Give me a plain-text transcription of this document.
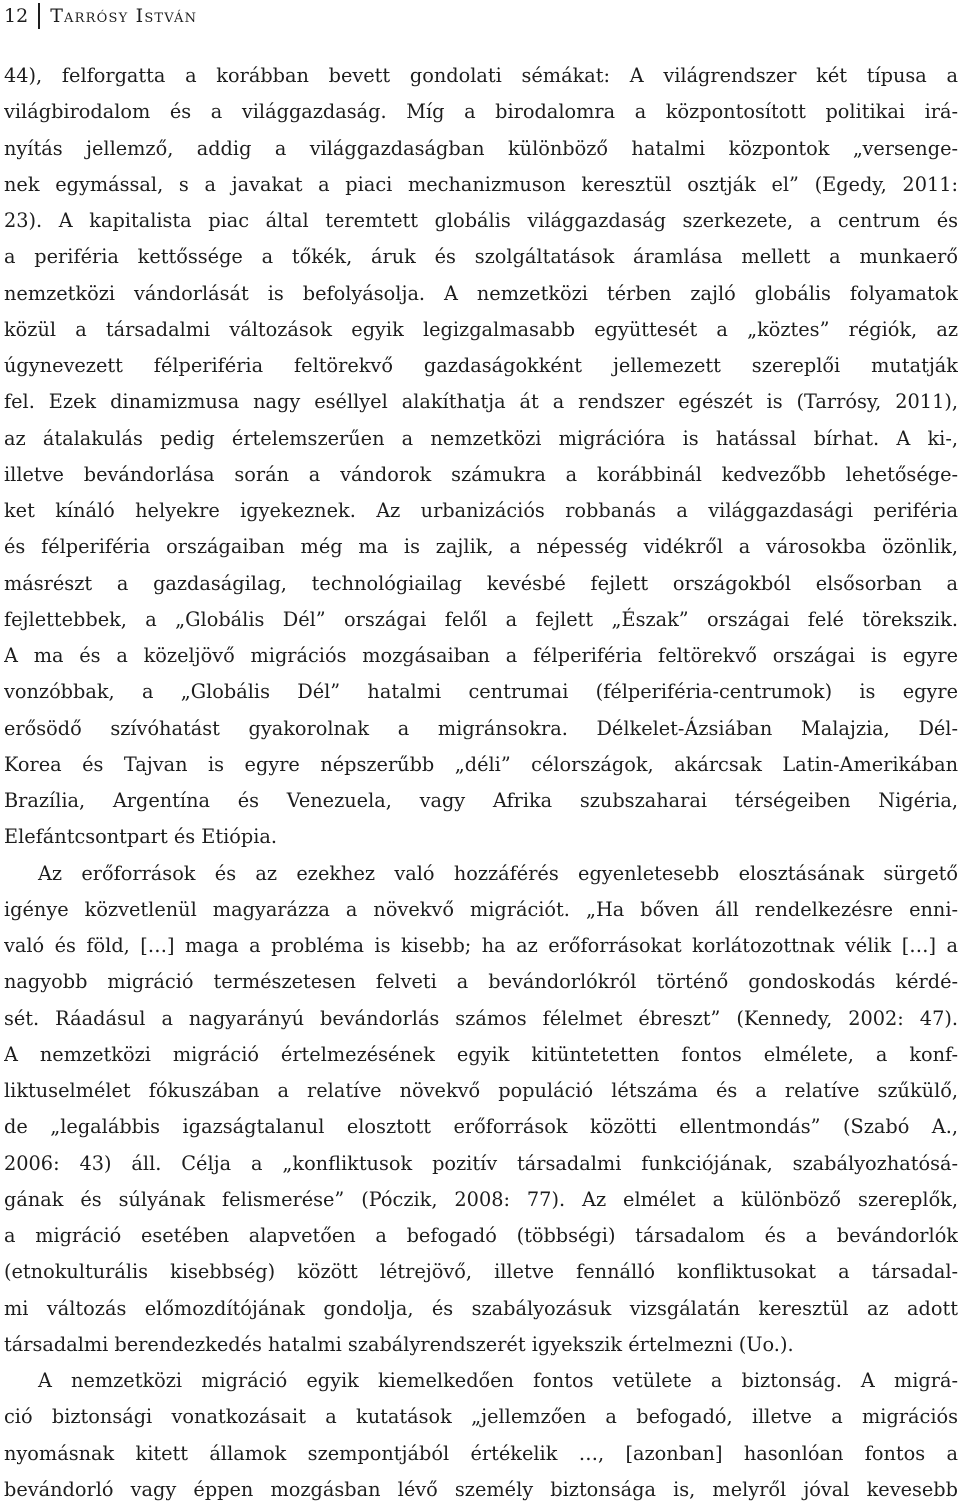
12	Tarrósy István
44), felforgatta a korábban bevett gondolati sémákat: A világrendszer két típusa a
világbirodalom és a világgazdaság. Míg a birodalomra a központosított politikai irá-
nyítás jellemző, addig a világgazdaságban különböző hatalmi központok „versenge-
nek egymással, s a javakat a piaci mechanizmuson keresztül osztják el” (Egedy, 2011:
23). A kapitalista piac által teremtett globális világgazdaság szerkezete, a centrum és
a periféria kettőssége a tőkék, áruk és szolgáltatások áramlása mellett a munkaerő
nemzetközi vándorlását is befolyásolja. A nemzetközi térben zajló globális folyamatok
közül a társadalmi változások egyik legizgalmasabb együttesét a „köztes” régiók, az
úgynevezett félperiféria feltörekvő gazdaságokként jellemezett szereplői mutatják
fel. Ezek dinamizmusa nagy eséllyel alakíthatja át a rendszer egészét is (Tarrósy, 2011),
az átalakulás pedig értelemszerűen a nemzetközi migrációra is hatással bírhat. A ki-,
illetve bevándorlása során a vándorok számukra a korábbinál kedvezőbb lehetősége-
ket kínáló helyekre igyekeznek. Az urbanizációs robbanás a világgazdasági periféria
és félperiféria országaiban még ma is zajlik, a népesség vidékről a városokba özönlik,
másrészt a gazdaságilag, technológiailag kevésbé fejlett országokból elsősorban a
fejlettebbek, a „Globális Dél” országai felől a fejlett „Észak” országai felé törekszik.
A ma és a közeljövő migrációs mozgásaiban a félperiféria feltörekvő országai is egyre
vonzóbbak, a „Globális Dél” hatalmi centrumai (félperiféria-centrumok) is egyre
erősödő szívóhatást gyakorolnak a migránsokra. Délkelet-Ázsiában Malajzia, Dél-
Korea és Tajvan is egyre népszerűbb „déli” célországok, akárcsak Latin-Amerikában
Brazília, Argentína és Venezuela, vagy Afrika szubszaharai térségeiben Nigéria,
Elefántcsontpart és Etiópia.
Az erőforrások és az ezekhez való hozzáférés egyenletesebb elosztásának sürgető
igénye közvetlenül magyarázza a növekvő migrációt. „Ha bőven áll rendelkezésre enni-
való és föld, […] maga a probléma is kisebb; ha az erőforrásokat korlátozottnak vélik […] a
nagyobb migráció természetesen felveti a bevándorlókról történő gondoskodás kérdé-
sét. Ráadásul a nagyarányú bevándorlás számos félelmet ébreszt” (Kennedy, 2002: 47).
A nemzetközi migráció értelmezésének egyik kitüntetetten fontos elmélete, a konf-
liktuselmélet fókuszában a relatíve növekvő populáció létszáma és a relatíve szűkülő,
de „legalábbis igazságtalanul elosztott erőforrások közötti ellentmondás” (Szabó A.,
2006: 43) áll. Célja a „konfliktusok pozitív társadalmi funkciójának, szabályozhatósá-
gának és súlyának felismerése” (Póczik, 2008: 77). Az elmélet a különböző szereplők,
a migráció esetében alapvetően a befogadó (többségi) társadalom és a bevándorlók
(etnokulturális kisebbség) között létrejövő, illetve fennálló konfliktusokat a társadal-
mi változás előmozdítójának gondolja, és szabályozásuk vizsgálatán keresztül az adott
társadalmi berendezkedés hatalmi szabályrendszerét igyekszik értelmezni (Uo.).
A nemzetközi migráció egyik kiemelkedően fontos vetülete a biztonság. A migrá-
ció biztonsági vonatkozásait a kutatások „jellemzően a befogadó, illetve a migrációs
nyomásnak kitett államok szempontjából értékelik …, [azonban] hasonlóan fontos a
bevándorló vagy éppen mozgásban lévő személy biztonsága is, melyről jóval kevesebb
